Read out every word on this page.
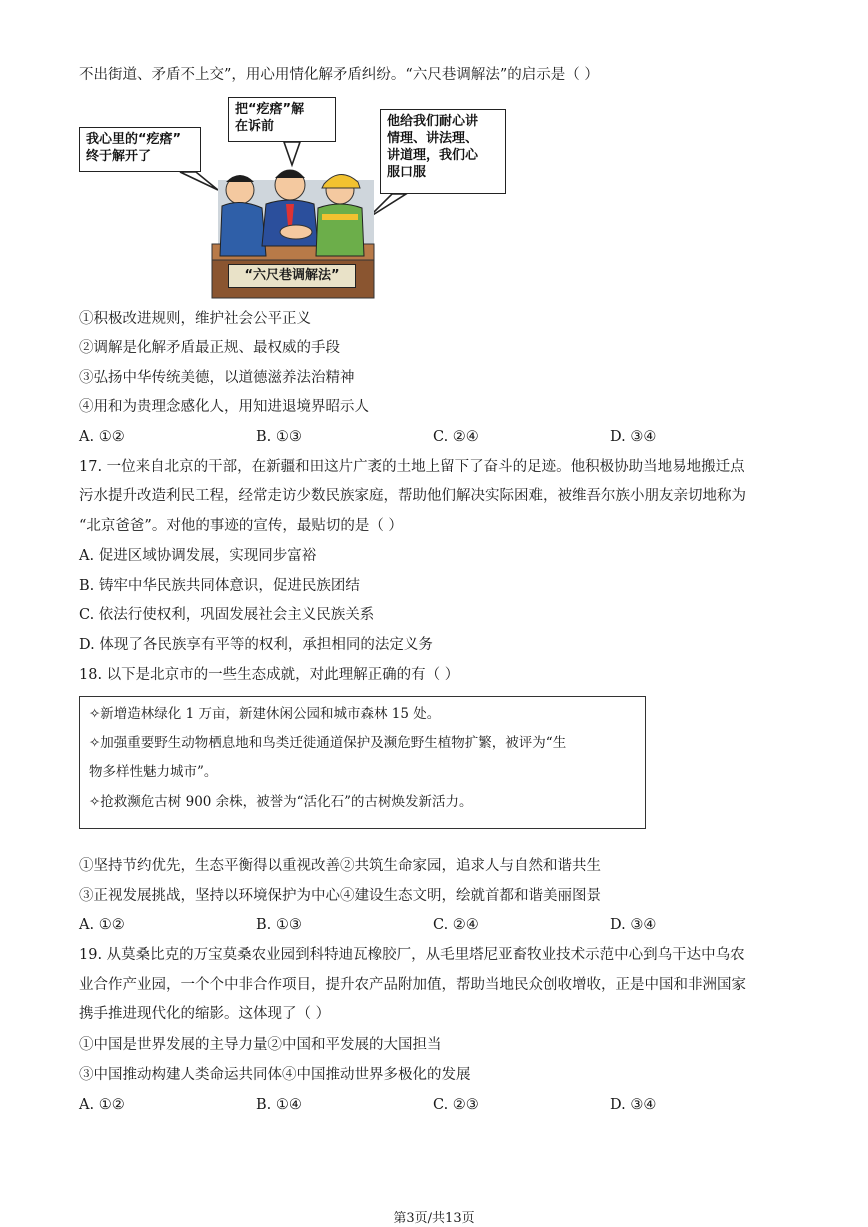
不出街道、矛盾不上交”，用心用情化解矛盾纠纷。“六尺巷调解法”的启示是（ ）
我心里的“疙瘩”
终于解开了
把“疙瘩”解
在诉前	他给我们耐心讲
情理、讲法理、
讲道理，我们心
服口服
“六尺巷调解法”
①积极改进规则，维护社会公平正义
②调解是化解矛盾最正规、最权威的手段
③弘扬中华传统美德，以道德滋养法治精神
④用和为贵理念感化人，用知进退境界昭示人
A. ①②	B. ①③	C. ②④	D. ③④
17. 一位来自北京的干部，在新疆和田这片广袤的土地上留下了奋斗的足迹。他积极协助当地易地搬迁点
污水提升改造利民工程，经常走访少数民族家庭，帮助他们解决实际困难，被维吾尔族小朋友亲切地称为
“北京爸爸”。对他的事迹的宣传，最贴切的是（ ）
A. 促进区域协调发展，实现同步富裕
B. 铸牢中华民族共同体意识，促进民族团结
C. 依法行使权利，巩固发展社会主义民族关系
D. 体现了各民族享有平等的权利，承担相同的法定义务
18. 以下是北京市的一些生态成就，对此理解正确的有（ ）
✧新增造林绿化 1 万亩，新建休闲公园和城市森林 15 处。
✧加强重要野生动物栖息地和鸟类迁徙通道保护及濒危野生植物扩繁，被评为“生
物多样性魅力城市”。
✧抢救濒危古树 900 余株，被誉为“活化石”的古树焕发新活力。
①坚持节约优先，生态平衡得以重视改善②共筑生命家园，追求人与自然和谐共生
③正视发展挑战，坚持以环境保护为中心④建设生态文明，绘就首都和谐美丽图景
A. ①②	B. ①③	C. ②④	D. ③④
19. 从莫桑比克的万宝莫桑农业园到科特迪瓦橡胶厂，从毛里塔尼亚畜牧业技术示范中心到乌干达中乌农
业合作产业园，一个个中非合作项目，提升农产品附加值，帮助当地民众创收增收，正是中国和非洲国家
携手推进现代化的缩影。这体现了（ ）
①中国是世界发展的主导力量②中国和平发展的大国担当
③中国推动构建人类命运共同体④中国推动世界多极化的发展
A. ①②	B. ①④	C. ②③	D. ③④
第3页/共13页
